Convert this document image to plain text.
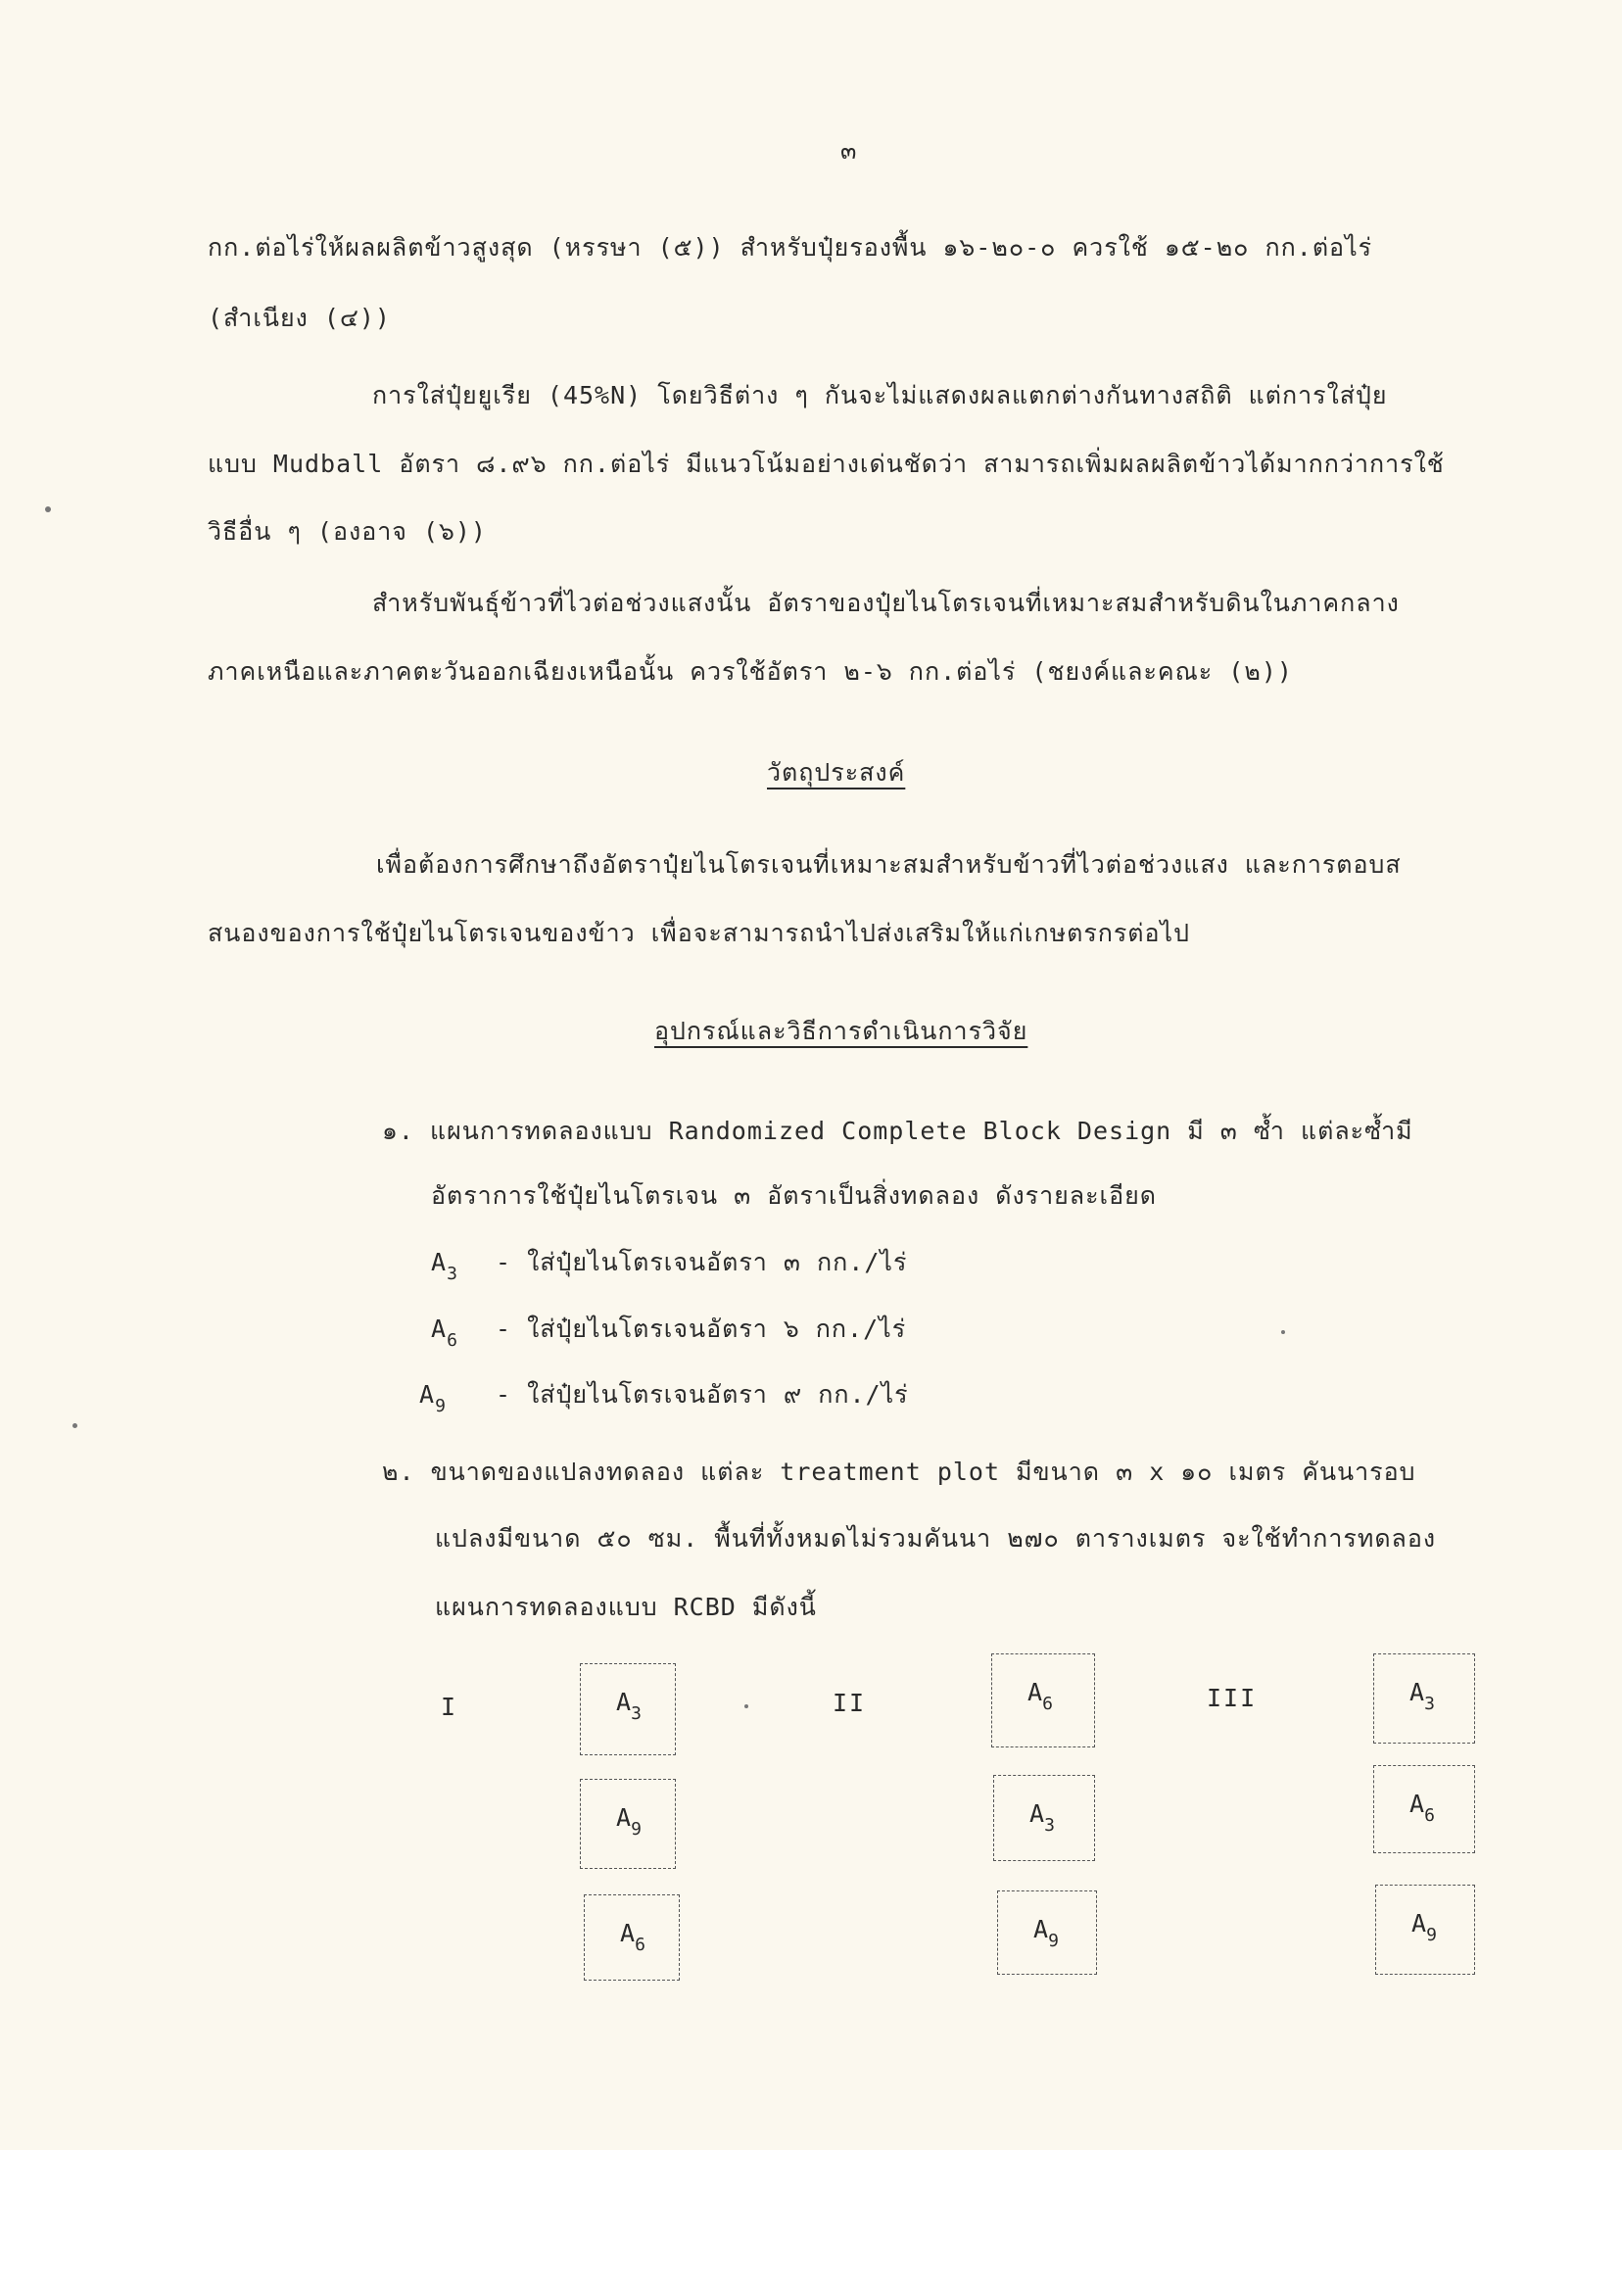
๓
กก.ต่อไร่ให้ผลผลิตข้าวสูงสุด (หรรษา (๕)) สำหรับปุ๋ยรองพื้น ๑๖-๒๐-๐ ควรใช้ ๑๕-๒๐ กก.ต่อไร่
(สำเนียง (๔))
การใส่ปุ๋ยยูเรีย (45%N) โดยวิธีต่าง ๆ กันจะไม่แสดงผลแตกต่างกันทางสถิติ แต่การใส่ปุ๋ย
แบบ Mudball อัตรา ๘.๙๖ กก.ต่อไร่ มีแนวโน้มอย่างเด่นชัดว่า สามารถเพิ่มผลผลิตข้าวได้มากกว่าการใช้
วิธีอื่น ๆ (องอาจ (๖))
สำหรับพันธุ์ข้าวที่ไวต่อช่วงแสงนั้น อัตราของปุ๋ยไนโตรเจนที่เหมาะสมสำหรับดินในภาคกลาง
ภาคเหนือและภาคตะวันออกเฉียงเหนือนั้น ควรใช้อัตรา ๒-๖ กก.ต่อไร่ (ชยงค์และคณะ (๒))
วัตถุประสงค์
เพื่อต้องการศึกษาถึงอัตราปุ๋ยไนโตรเจนที่เหมาะสมสำหรับข้าวที่ไวต่อช่วงแสง และการตอบส
สนองของการใช้ปุ๋ยไนโตรเจนของข้าว เพื่อจะสามารถนำไปส่งเสริมให้แก่เกษตรกรต่อไป
อุปกรณ์และวิธีการดำเนินการวิจัย
๑. แผนการทดลองแบบ Randomized Complete Block Design มี ๓ ซ้ำ แต่ละซ้ำมี
อัตราการใช้ปุ๋ยไนโตรเจน ๓ อัตราเป็นสิ่งทดลอง ดังรายละเอียด
$A_3$ - ใส่ปุ๋ยไนโตรเจนอัตรา ๓ กก./ไร่
$A_6$ - ใส่ปุ๋ยไนโตรเจนอัตรา ๖ กก./ไร่
$A_9$ - ใส่ปุ๋ยไนโตรเจนอัตรา ๙ กก./ไร่
๒. ขนาดของแปลงทดลอง แต่ละ treatment plot มีขนาด ๓ x ๑๐ เมตร คันนารอบ
แปลงมีขนาด ๕๐ ซม. พื้นที่ทั้งหมดไม่รวมคันนา ๒๗๐ ตารางเมตร จะใช้ทำการทดลอง
แผนการทดลองแบบ RCBD มีดังนี้
I	II	III
$A_3$
$A_9$
$A_6$
$A_6$
$A_3$
$A_9$
$A_3$
$A_6$
$A_9$
